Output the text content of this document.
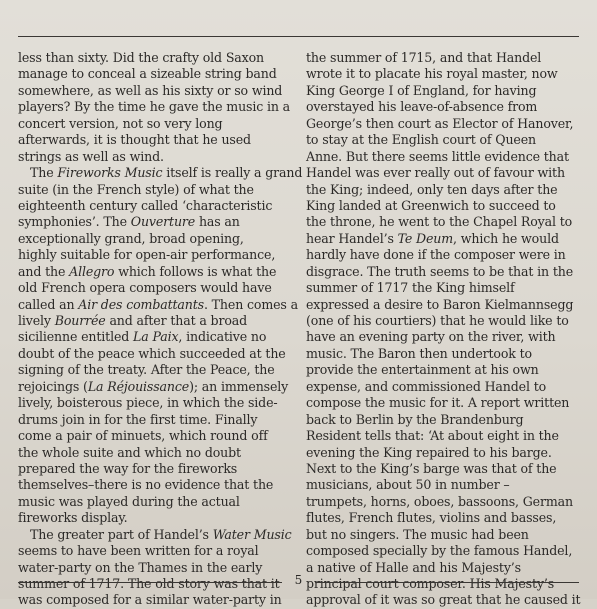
less than sixty. Did the crafty old Saxon
manage to conceal a sizeable string band
somewhere, as well as his sixty or so wind
players? By the time he gave the music in a
concert version, not so very long
afterwards, it is thought that he used
strings as well as wind.
The Fireworks Music itself is really a grand
suite (in the French style) of what the
eighteenth century called ‘characteristic
symphonies’. The Ouverture has an
exceptionally grand, broad opening,
highly suitable for open-air performance,
and the Allegro which follows is what the
old French opera composers would have
called an Air des combattants. Then comes a
lively Bourrée and after that a broad
sicilienne entitled La Paix, indicative no
doubt of the peace which succeeded at the
signing of the treaty. After the Peace, the
rejoicings (La Réjouissance); an immensely
lively, boisterous piece, in which the side-
drums join in for the first time. Finally
come a pair of minuets, which round off
the whole suite and which no doubt
prepared the way for the fireworks
themselves–there is no evidence that the
music was played during the actual
fireworks display.
The greater part of Handel’s Water Music
seems to have been written for a royal
water-party on the Thames in the early
summer of 1717. The old story was that it
was composed for a similar water-party in
the summer of 1715, and that Handel
wrote it to placate his royal master, now
King George I of England, for having
overstayed his leave-of-absence from
George’s then court as Elector of Hanover,
to stay at the English court of Queen
Anne. But there seems little evidence that
Handel was ever really out of favour with
the King; indeed, only ten days after the
King landed at Greenwich to succeed to
the throne, he went to the Chapel Royal to
hear Handel’s Te Deum, which he would
hardly have done if the composer were in
disgrace. The truth seems to be that in the
summer of 1717 the King himself
expressed a desire to Baron Kielmannsegg
(one of his courtiers) that he would like to
have an evening party on the river, with
music. The Baron then undertook to
provide the entertainment at his own
expense, and commissioned Handel to
compose the music for it. A report written
back to Berlin by the Brandenburg
Resident tells that: ‘At about eight in the
evening the King repaired to his barge.
Next to the King’s barge was that of the
musicians, about 50 in number –
trumpets, horns, oboes, bassoons, German
flutes, French flutes, violins and basses,
but no singers. The music had been
composed specially by the famous Handel,
a native of Halle and his Majesty’s
principal court composer. His Majesty’s
approval of it was so great that he caused it
5
